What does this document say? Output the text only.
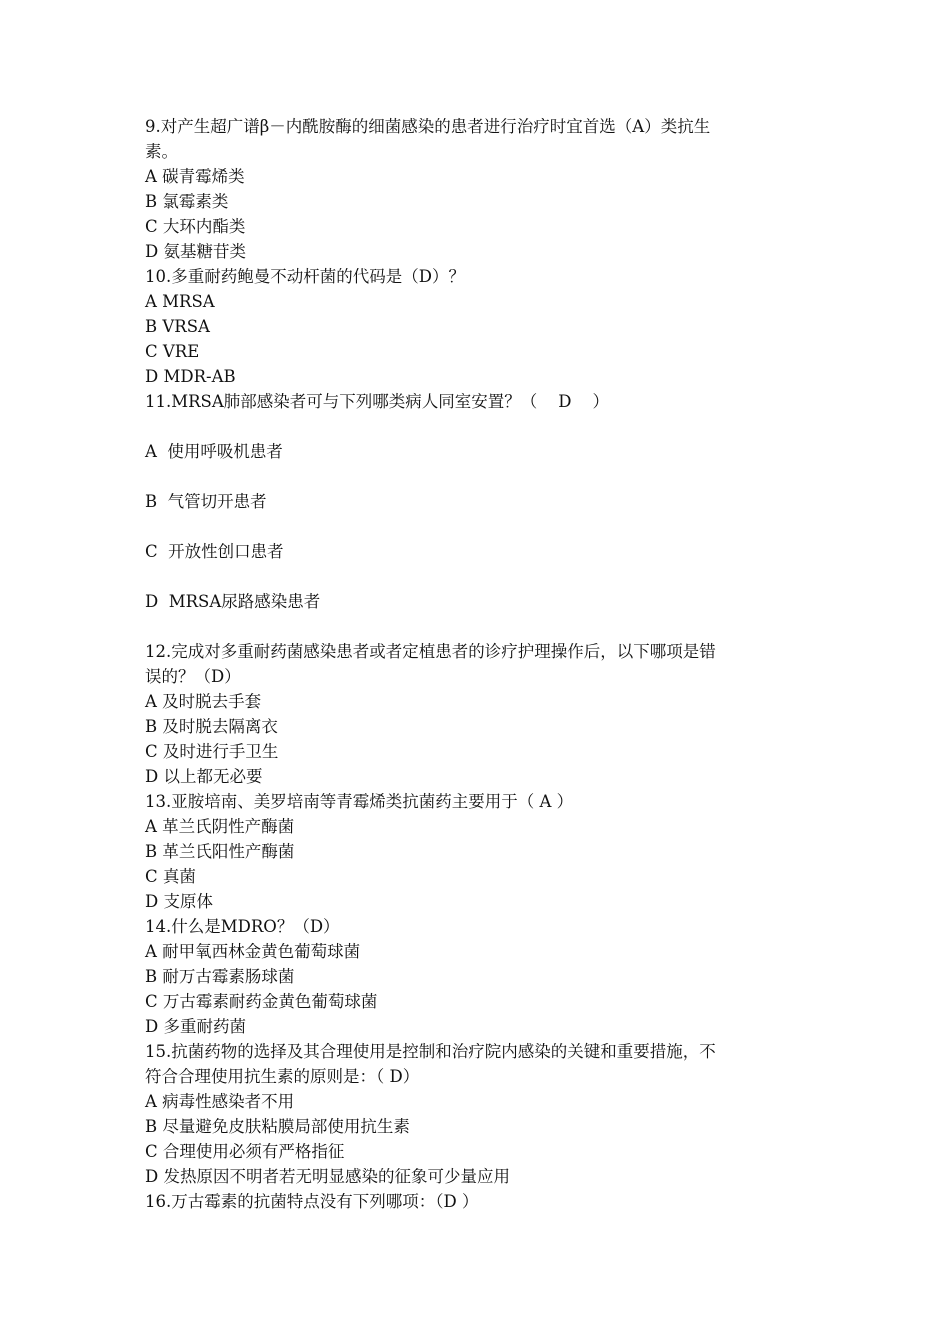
9.对产生超广谱β－内酰胺酶的细菌感染的患者进行治疗时宜首选（A）类抗生

素。

A 碳青霉烯类

B 氯霉素类

C 大环内酯类

D 氨基糖苷类

10.多重耐药鲍曼不动杆菌的代码是（D）？

A MRSA

B VRSA

C VRE

D MDR-AB

11.MRSA肺部感染者可与下列哪类病人同室安置？（    D    ）

A  使用呼吸机患者

B  气管切开患者

C  开放性创口患者

D  MRSA尿路感染患者

12.完成对多重耐药菌感染患者或者定植患者的诊疗护理操作后，以下哪项是错

误的？（D）

A 及时脱去手套

B 及时脱去隔离衣

C 及时进行手卫生

D 以上都无必要

13.亚胺培南、美罗培南等青霉烯类抗菌药主要用于（ A ）

A 革兰氏阴性产酶菌

B 革兰氏阳性产酶菌

C 真菌

D 支原体

14.什么是MDRO？（D）

A 耐甲氧西林金黄色葡萄球菌

B 耐万古霉素肠球菌

C 万古霉素耐药金黄色葡萄球菌

D 多重耐药菌

15.抗菌药物的选择及其合理使用是控制和治疗院内感染的关键和重要措施，不

符合合理使用抗生素的原则是：（ D）

A 病毒性感染者不用

B 尽量避免皮肤粘膜局部使用抗生素

C 合理使用必须有严格指征

D 发热原因不明者若无明显感染的征象可少量应用

16.万古霉素的抗菌特点没有下列哪项：（D ）
